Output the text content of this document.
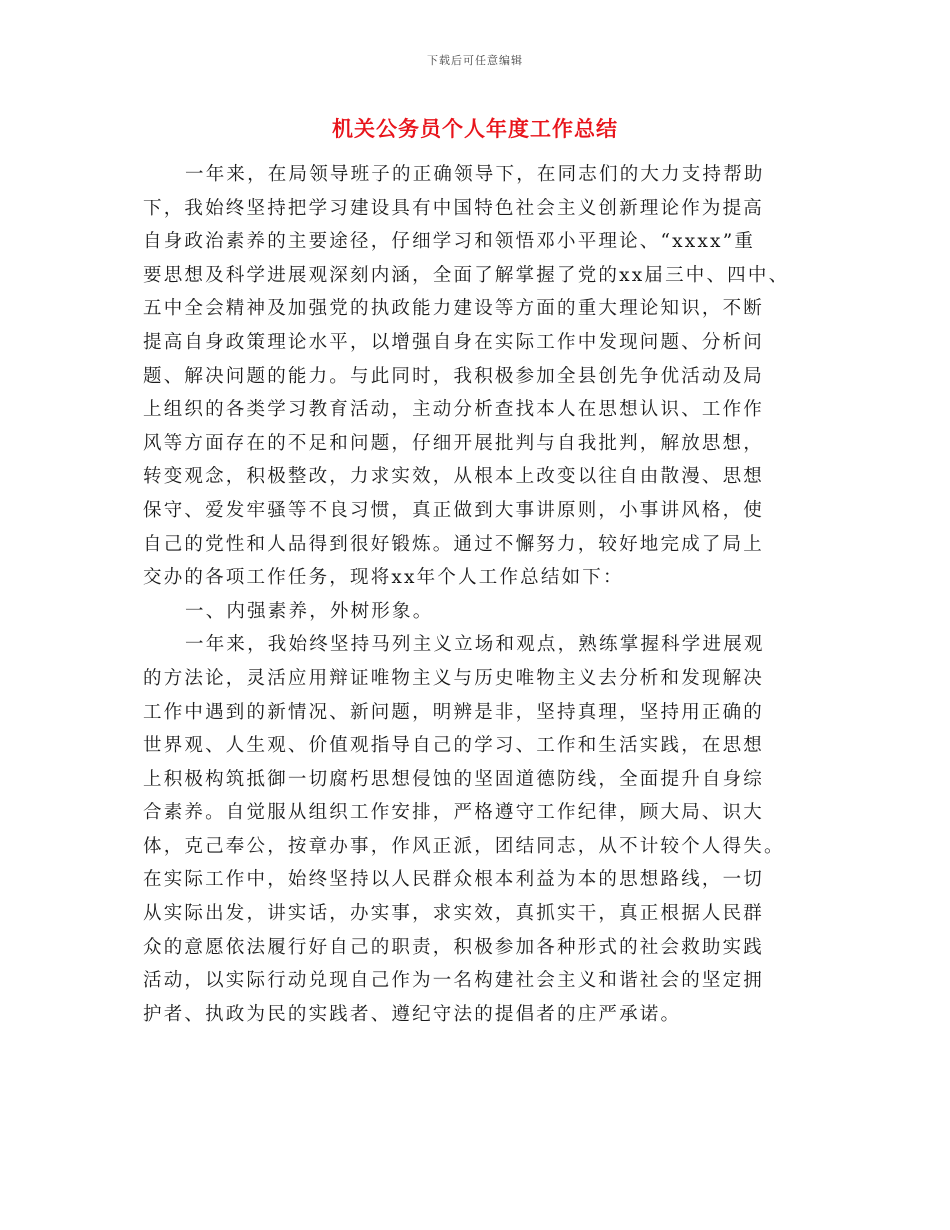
下载后可任意编辑
机关公务员个人年度工作总结
一年来，在局领导班子的正确领导下，在同志们的大力支持帮助
下，我始终坚持把学习建设具有中国特色社会主义创新理论作为提高
自身政治素养的主要途径，仔细学习和领悟邓小平理论、“xxxx”重
要思想及科学进展观深刻内涵，全面了解掌握了党的xx届三中、四中、
五中全会精神及加强党的执政能力建设等方面的重大理论知识，不断
提高自身政策理论水平，以增强自身在实际工作中发现问题、分析问
题、解决问题的能力。与此同时，我积极参加全县创先争优活动及局
上组织的各类学习教育活动，主动分析查找本人在思想认识、工作作
风等方面存在的不足和问题，仔细开展批判与自我批判，解放思想，
转变观念，积极整改，力求实效，从根本上改变以往自由散漫、思想
保守、爱发牢骚等不良习惯，真正做到大事讲原则，小事讲风格，使
自己的党性和人品得到很好锻炼。通过不懈努力，较好地完成了局上
交办的各项工作任务，现将xx年个人工作总结如下：
一、内强素养，外树形象。
一年来，我始终坚持马列主义立场和观点，熟练掌握科学进展观
的方法论，灵活应用辩证唯物主义与历史唯物主义去分析和发现解决
工作中遇到的新情况、新问题，明辨是非，坚持真理，坚持用正确的
世界观、人生观、价值观指导自己的学习、工作和生活实践，在思想
上积极构筑抵御一切腐朽思想侵蚀的坚固道德防线，全面提升自身综
合素养。自觉服从组织工作安排，严格遵守工作纪律，顾大局、识大
体，克己奉公，按章办事，作风正派，团结同志，从不计较个人得失。
在实际工作中，始终坚持以人民群众根本利益为本的思想路线，一切
从实际出发，讲实话，办实事，求实效，真抓实干，真正根据人民群
众的意愿依法履行好自己的职责，积极参加各种形式的社会救助实践
活动，以实际行动兑现自己作为一名构建社会主义和谐社会的坚定拥
护者、执政为民的实践者、遵纪守法的提倡者的庄严承诺。
